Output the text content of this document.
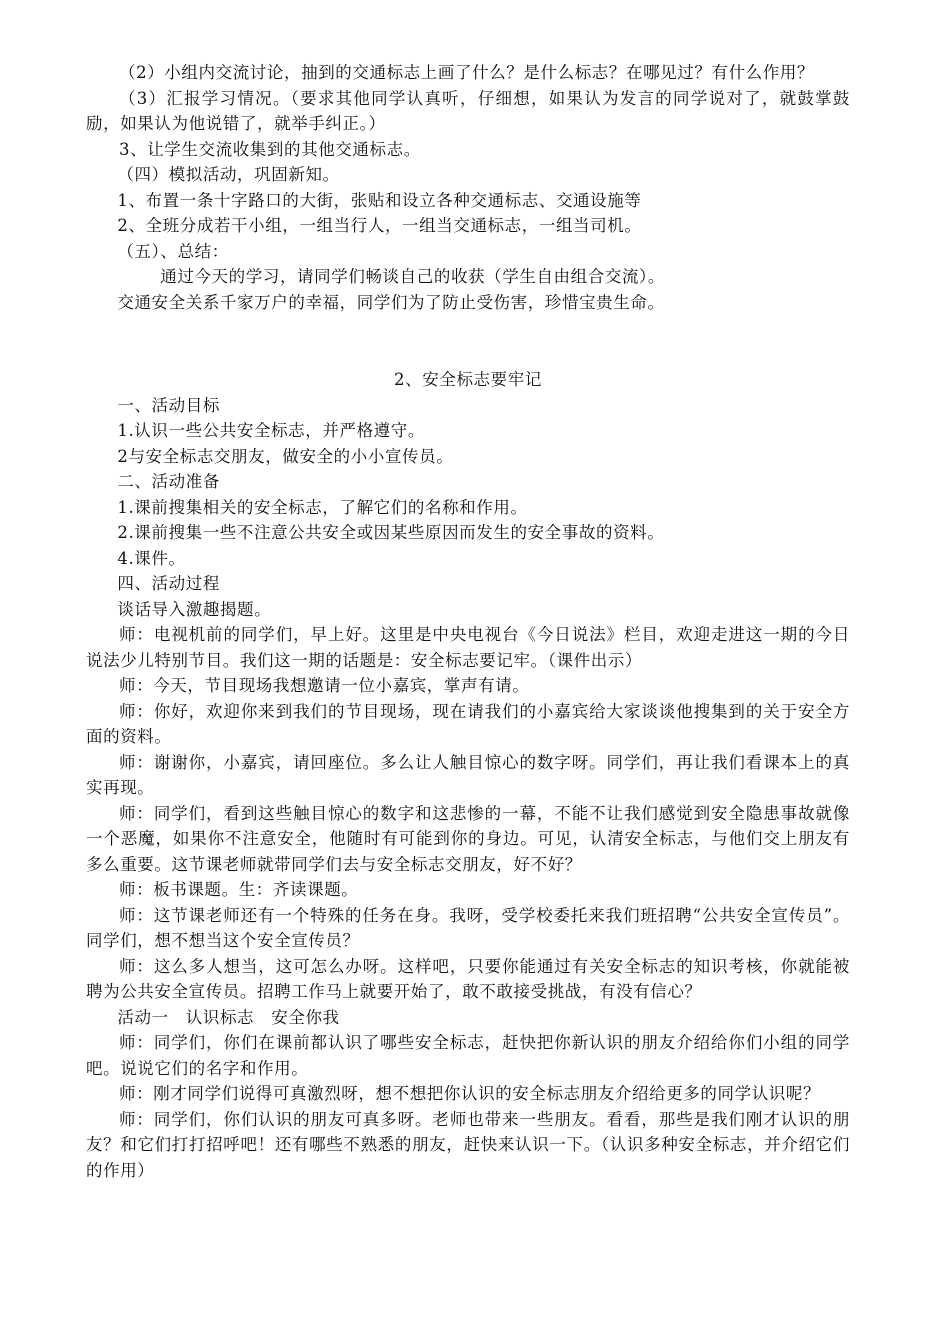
（2）小组内交流讨论，抽到的交通标志上画了什么？是什么标志？在哪见过？有什么作用？

（3）汇报学习情况。（要求其他同学认真听，仔细想，如果认为发言的同学说对了，就鼓掌鼓励，如果认为他说错了，就举手纠正。）

3、让学生交流收集到的其他交通标志。

（四）模拟活动，巩固新知。

1、布置一条十字路口的大街，张贴和设立各种交通标志、交通设施等

2、全班分成若干小组，一组当行人，一组当交通标志，一组当司机。

（五）、总结：

通过今天的学习，请同学们畅谈自己的收获（学生自由组合交流）。

交通安全关系千家万户的幸福，同学们为了防止受伤害，珍惜宝贵生命。

2、安全标志要牢记

一、活动目标

1.认识一些公共安全标志，并严格遵守。

2与安全标志交朋友，做安全的小小宣传员。

二、活动准备

1.课前搜集相关的安全标志，了解它们的名称和作用。

2.课前搜集一些不注意公共安全或因某些原因而发生的安全事故的资料。

4.课件。

四、活动过程

谈话导入激趣揭题。

师：电视机前的同学们，早上好。这里是中央电视台《今日说法》栏目，欢迎走进这一期的今日说法少儿特别节目。我们这一期的话题是：安全标志要记牢。（课件出示）

师：今天，节目现场我想邀请一位小嘉宾，掌声有请。

师：你好，欢迎你来到我们的节目现场，现在请我们的小嘉宾给大家谈谈他搜集到的关于安全方面的资料。

师：谢谢你，小嘉宾，请回座位。多么让人触目惊心的数字呀。同学们，再让我们看课本上的真实再现。

师：同学们，看到这些触目惊心的数字和这悲惨的一幕，不能不让我们感觉到安全隐患事故就像一个恶魔，如果你不注意安全，他随时有可能到你的身边。可见，认清安全标志，与他们交上朋友有多么重要。这节课老师就带同学们去与安全标志交朋友，好不好？

师：板书课题。生：齐读课题。

师：这节课老师还有一个特殊的任务在身。我呀，受学校委托来我们班招聘“公共安全宣传员”。同学们，想不想当这个安全宣传员？

师：这么多人想当，这可怎么办呀。这样吧，只要你能通过有关安全标志的知识考核，你就能被聘为公共安全宣传员。招聘工作马上就要开始了，敢不敢接受挑战，有没有信心？

活动一　认识标志　安全你我

师：同学们，你们在课前都认识了哪些安全标志，赶快把你新认识的朋友介绍给你们小组的同学吧。说说它们的名字和作用。

师：刚才同学们说得可真激烈呀，想不想把你认识的安全标志朋友介绍给更多的同学认识呢？

师：同学们，你们认识的朋友可真多呀。老师也带来一些朋友。看看，那些是我们刚才认识的朋友？和它们打打招呼吧！还有哪些不熟悉的朋友，赶快来认识一下。（认识多种安全标志，并介绍它们的作用）
